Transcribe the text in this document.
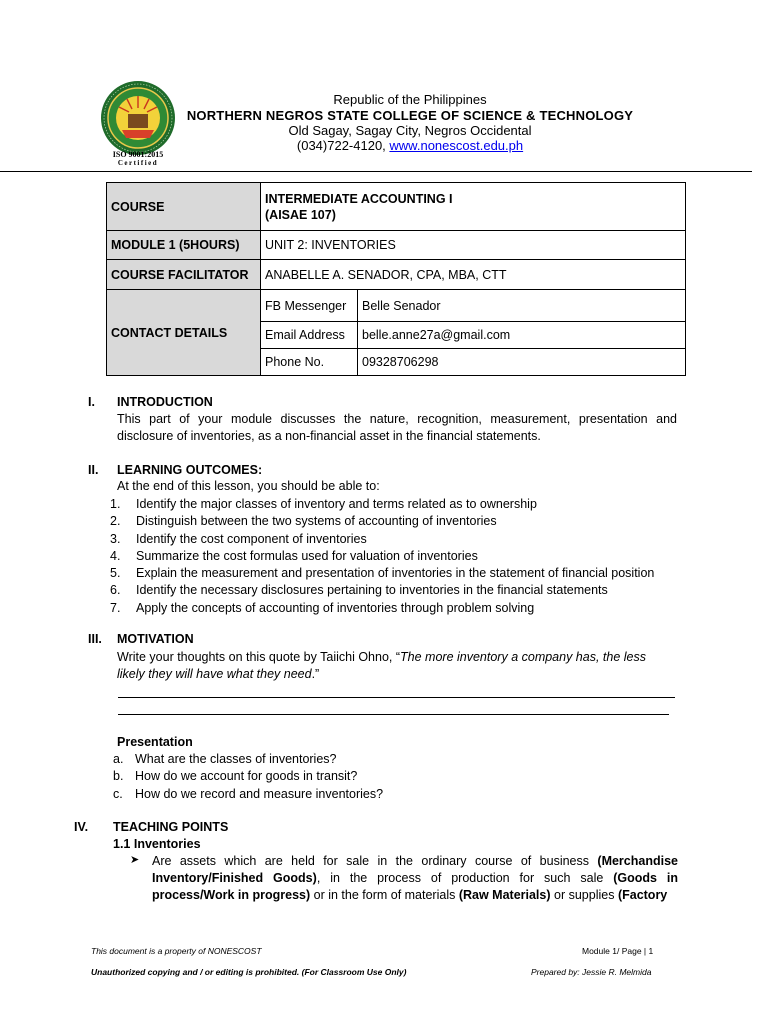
ISO 9001:2015
Certified
Republic of the Philippines
NORTHERN NEGROS STATE COLLEGE OF SCIENCE & TECHNOLOGY
Old Sagay, Sagay City, Negros Occidental
(034)722-4120, www.nonescost.edu.ph
COURSE	INTERMEDIATE ACCOUNTING I
(AISAE 107)	

MODULE 1 (5HOURS)	UNIT 2: INVENTORIES	
COURSE FACILITATOR	ANABELLE A. SENADOR, CPA, MBA, CTT	
CONTACT DETAILS	FB Messenger	Belle Senador
	Email Address	belle.anne27a@gmail.com
	Phone No.	09328706298
I. INTRODUCTION
This part of your module discusses the nature, recognition, measurement, presentation and disclosure of inventories, as a non-financial asset in the financial statements.
II. LEARNING OUTCOMES:
At the end of this lesson, you should be able to:
1. Identify the major classes of inventory and terms related as to ownership
2. Distinguish between the two systems of accounting of inventories
3. Identify the cost component of inventories
4. Summarize the cost formulas used for valuation of inventories
5. Explain the measurement and presentation of inventories in the statement of financial position
6. Identify the necessary disclosures pertaining to inventories in the financial statements
7. Apply the concepts of accounting of inventories through problem solving
III. MOTIVATION
Write your thoughts on this quote by Taiichi Ohno, “The more inventory a company has, the less likely they will have what they need.”
Presentation
a. What are the classes of inventories?
b. How do we account for goods in transit?
c. How do we record and measure inventories?
IV. TEACHING POINTS
1.1 Inventories
➤ Are assets which are held for sale in the ordinary course of business (Merchandise Inventory/Finished Goods), in the process of production for such sale (Goods in process/Work in progress) or in the form of materials (Raw Materials) or supplies (Factory
This document is a property of NONESCOST	Module 1/ Page | 1
Unauthorized copying and / or editing is prohibited. (For Classroom Use Only)	Prepared by: Jessie R. Melmida
